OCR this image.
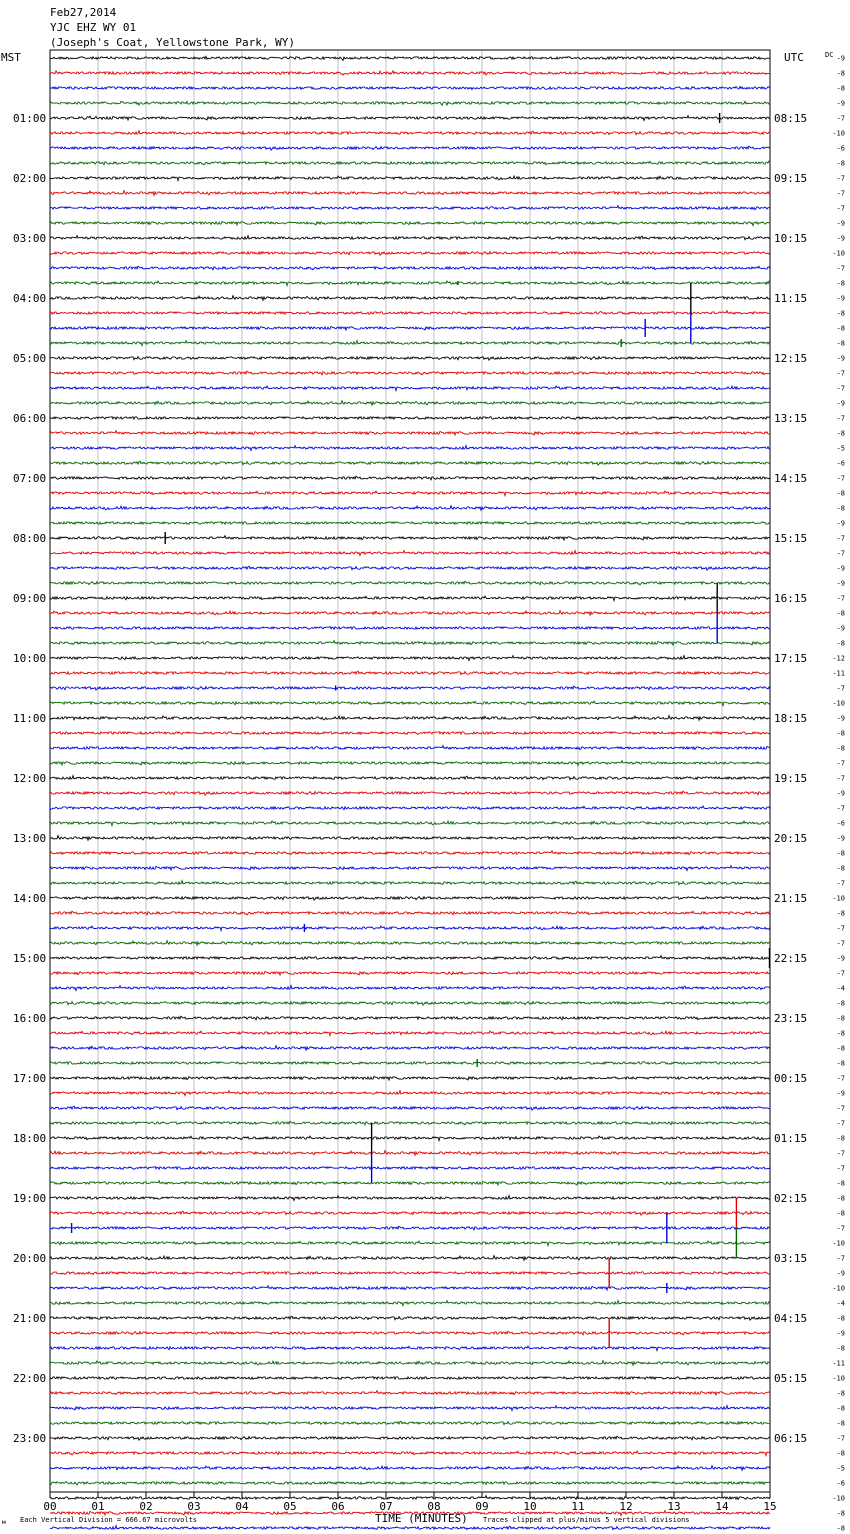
Feb27,2014
YJC EHZ WY 01
(Joseph's Coat, Yellowstone Park, WY)
MST	UTC	DC
01:00
02:00
03:00
04:00
05:00
06:00
07:00
08:00
09:00
10:00
11:00
12:00
13:00
14:00
15:00
16:00
17:00
18:00
19:00
20:00
21:00
22:00
23:00
08:15
09:15
10:15
11:15
12:15
13:15
14:15
15:15
16:15
17:15
18:15
19:15
20:15
21:15
22:15
23:15
00:15
01:15
02:15
03:15
04:15
05:15
06:15
-9
-8
-8
-9
-7
-10
-6
-8
-7
-7
-7
-9
-9
-10
-7
-8
-9
-8
-8
-8
-9
-7
-7
-9
-7
-8
-5
-6
-7
-8
-8
-9
-7
-7
-9
-9
-7
-8
-9
-8
-12
-11
-7
-10
-9
-8
-8
-7
-7
-9
-7
-6
-9
-8
-8
-7
-10
-8
-7
-7
-9
-7
-4
-8
-8
-8
-8
-8
-7
-9
-7
-7
-8
-7
-7
-8
-8
-8
-7
-10
-7
-9
-10
-4
-8
-9
-8
-11
-10
-8
-8
-8
-7
-8
-5
-6
-10
-8
-8
00	01	02	03	04	05	06	07	08	09	10	11	12	13	14	15
TIME (MINUTES)
Each Vertical Division = 666.67 microvolts	Traces clipped at plus/minus 5 vertical divisions
м
